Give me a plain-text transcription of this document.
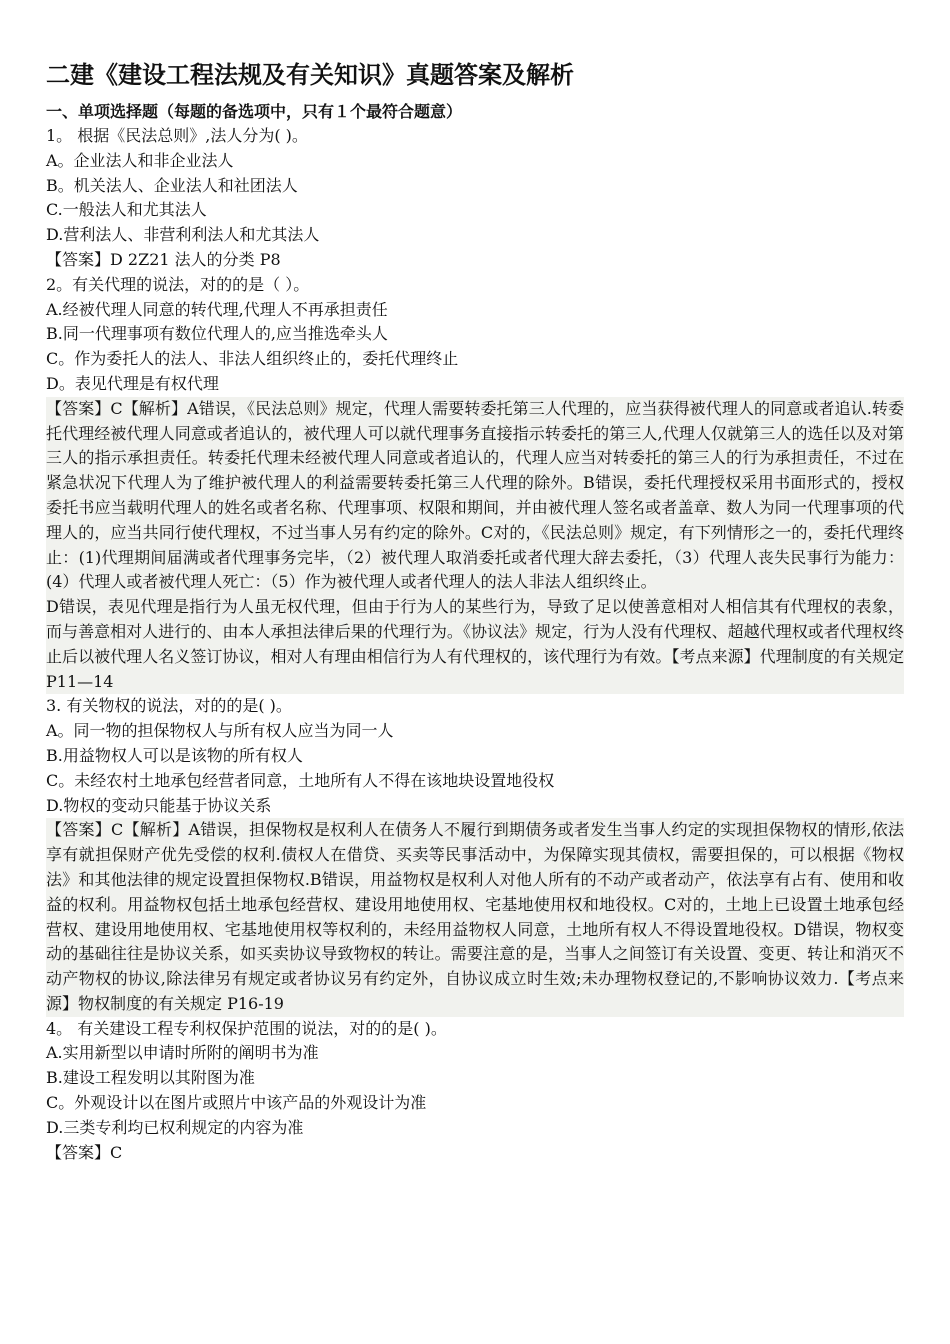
二建《建设工程法规及有关知识》真题答案及解析

一、单项选择题（每题的备选项中，只有１个最符合题意）

1。 根据《民法总则》,法人分为( )。

A。企业法人和非企业法人

B。机关法人、企业法人和社团法人

C.一般法人和尤其法人

D.营利法人、非营利利法人和尤其法人

【答案】D 2Z21 法人的分类 P8

2。有关代理的说法，对的的是（ ）。

A.经被代理人同意的转代理,代理人不再承担责任

B.同一代理事项有数位代理人的,应当推选牵头人

C。作为委托人的法人、非法人组织终止的，委托代理终止

D。表见代理是有权代理

【答案】C【解析】A错误，《民法总则》规定，代理人需要转委托第三人代理的，应当获得被代理人的同意或者追认.转委托代理经被代理人同意或者追认的，被代理人可以就代理事务直接指示转委托的第三人,代理人仅就第三人的选任以及对第三人的指示承担责任。转委托代理未经被代理人同意或者追认的，代理人应当对转委托的第三人的行为承担责任，不过在紧急状况下代理人为了维护被代理人的利益需要转委托第三人代理的除外。B错误，委托代理授权采用书面形式的，授权委托书应当载明代理人的姓名或者名称、代理事项、权限和期间，并由被代理人签名或者盖章、数人为同一代理事项的代理人的，应当共同行使代理权，不过当事人另有约定的除外。C对的，《民法总则》规定，有下列情形之一的，委托代理终止：(1)代理期间届满或者代理事务完毕，（2）被代理人取消委托或者代理大辞去委托，（3）代理人丧失民事行为能力：(4）代理人或者被代理人死亡：（5）作为被代理人或者代理人的法人非法人组织终止。

D错误，表见代理是指行为人虽无权代理，但由于行为人的某些行为，导致了足以使善意相对人相信其有代理权的表象，而与善意相对人进行的、由本人承担法律后果的代理行为。《协议法》规定，行为人没有代理权、超越代理权或者代理权终止后以被代理人名义签订协议，相对人有理由相信行为人有代理权的，该代理行为有效。【考点来源】代理制度的有关规定 P11—14

3. 有关物权的说法，对的的是( )。

A。同一物的担保物权人与所有权人应当为同一人

B.用益物权人可以是该物的所有权人

C。未经农村土地承包经营者同意，土地所有人不得在该地块设置地役权

D.物权的变动只能基于协议关系

【答案】C【解析】A错误，担保物权是权利人在债务人不履行到期债务或者发生当事人约定的实现担保物权的情形,依法享有就担保财产优先受偿的权利.债权人在借贷、买卖等民事活动中，为保障实现其债权，需要担保的，可以根据《物权法》和其他法律的规定设置担保物权.B错误，用益物权是权利人对他人所有的不动产或者动产，依法享有占有、使用和收益的权利。用益物权包括土地承包经营权、建设用地使用权、宅基地使用权和地役权。C对的，土地上已设置土地承包经营权、建设用地使用权、宅基地使用权等权利的，未经用益物权人同意，土地所有权人不得设置地役权。D错误，物权变动的基础往往是协议关系，如买卖协议导致物权的转让。需要注意的是，当事人之间签订有关设置、变更、转让和消灭不动产物权的协议,除法律另有规定或者协议另有约定外，自协议成立时生效;未办理物权登记的,不影响协议效力.【考点来源】物权制度的有关规定 P16-19

4。 有关建设工程专利权保护范围的说法，对的的是( )。

A.实用新型以申请时所附的阐明书为准

B.建设工程发明以其附图为准

C。外观设计以在图片或照片中该产品的外观设计为准

D.三类专利均已权利规定的内容为准

【答案】C
